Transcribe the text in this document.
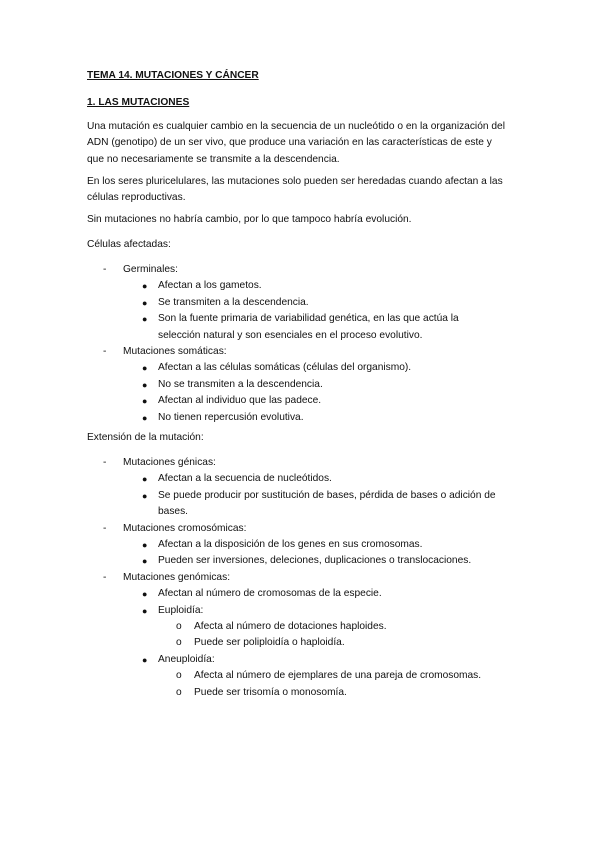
TEMA 14. MUTACIONES Y CÁNCER
1. LAS MUTACIONES

Una mutación es cualquier cambio en la secuencia de un nucleótido o en la organización del ADN (genotipo) de un ser vivo, que produce una variación en las características de este y que no necesariamente se transmite a la descendencia.

En los seres pluricelulares, las mutaciones solo pueden ser heredadas cuando afectan a las células reproductivas.

Sin mutaciones no habría cambio, por lo que tampoco habría evolución.

Células afectadas:

- Germinales:
● Afectan a los gametos.
● Se transmiten a la descendencia.
● Son la fuente primaria de variabilidad genética, en las que actúa la selección natural y son esenciales en el proceso evolutivo.
- Mutaciones somáticas:
● Afectan a las células somáticas (células del organismo).
● No se transmiten a la descendencia.
● Afectan al individuo que las padece.
● No tienen repercusión evolutiva.

Extensión de la mutación:

- Mutaciones génicas:
● Afectan a la secuencia de nucleótidos.
● Se puede producir por sustitución de bases, pérdida de bases o adición de bases.
- Mutaciones cromosómicas:
● Afectan a la disposición de los genes en sus cromosomas.
● Pueden ser inversiones, deleciones, duplicaciones o translocaciones.
- Mutaciones genómicas:
● Afectan al número de cromosomas de la especie.
● Euploidía:
o Afecta al número de dotaciones haploides.
o Puede ser poliploidía o haploidía.
● Aneuploidía:
o Afecta al número de ejemplares de una pareja de cromosomas.
o Puede ser trisomía o monosomía.
